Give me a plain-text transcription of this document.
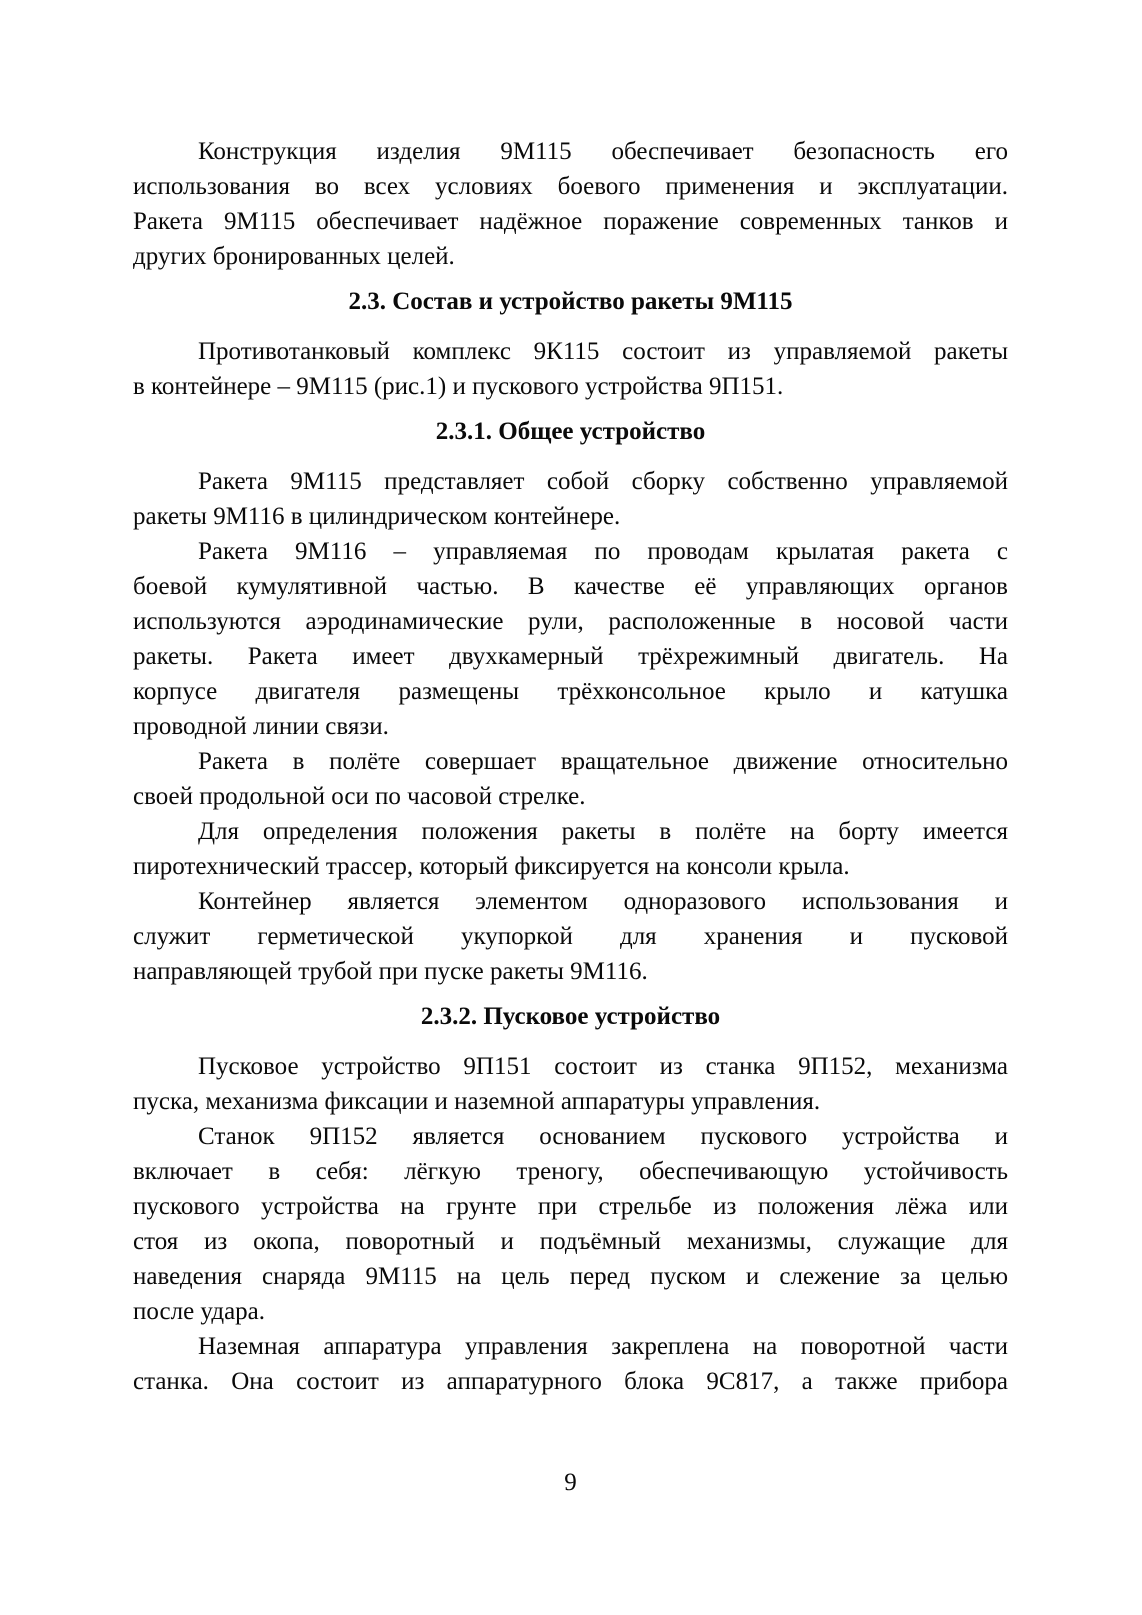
Конструкция изделия 9М115 обеспечивает безопасность его
использования во всех условиях боевого применения и эксплуатации.
Ракета 9М115 обеспечивает надёжное поражение современных танков и
других бронированных целей.
2.3. Состав и устройство ракеты 9М115
Противотанковый комплекс 9К115 состоит из управляемой ракеты
в контейнере – 9М115 (рис.1) и пускового устройства 9П151.
2.3.1. Общее устройство
Ракета 9М115 представляет собой сборку собственно управляемой
ракеты 9М116 в цилиндрическом контейнере.
Ракета 9М116 – управляемая по проводам крылатая ракета с
боевой кумулятивной частью. В качестве её управляющих органов
используются аэродинамические рули, расположенные в носовой части
ракеты. Ракета имеет двухкамерный трёхрежимный двигатель. На
корпусе двигателя размещены трёхконсольное крыло и катушка
проводной линии связи.
Ракета в полёте совершает вращательное движение относительно
своей продольной оси по часовой стрелке.
Для определения положения ракеты в полёте на борту имеется
пиротехнический трассер, который фиксируется на консоли крыла.
Контейнер является элементом одноразового использования и
служит герметической укупоркой для хранения и пусковой
направляющей трубой при пуске ракеты 9М116.
2.3.2. Пусковое устройство
Пусковое устройство 9П151 состоит из станка 9П152, механизма
пуска, механизма фиксации и наземной аппаратуры управления.
Станок 9П152 является основанием пускового устройства и
включает в себя: лёгкую треногу, обеспечивающую устойчивость
пускового устройства на грунте при стрельбе из положения лёжа или
стоя из окопа, поворотный и подъёмный механизмы, служащие для
наведения снаряда 9М115 на цель перед пуском и слежение за целью
после удара.
Наземная аппаратура управления закреплена на поворотной части
станка. Она состоит из аппаратурного блока 9С817, а также прибора
9
